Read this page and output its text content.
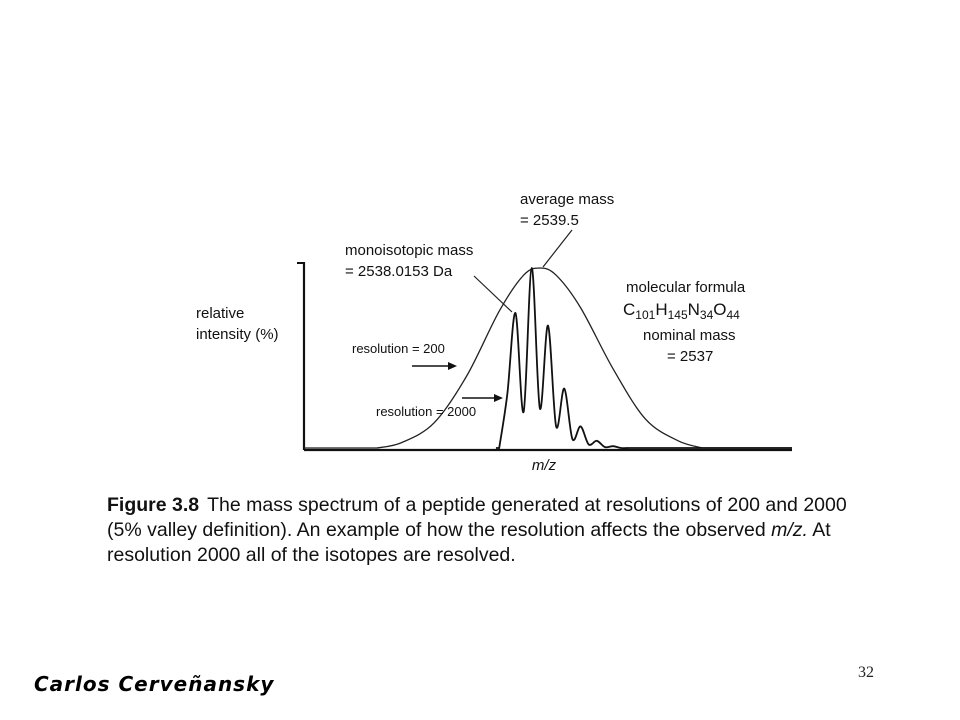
relative
intensity (%)
m/z
average mass
= 2539.5
monoisotopic mass
= 2538.0153 Da
molecular formula
$C_{101}H_{145}N_{34}O_{44}$
nominal mass
= 2537
resolution = 200
resolution = 2000
Figure 3.8 The mass spectrum of a peptide generated at resolutions of 200 and 2000 (5% valley definition). An example of how the resolution affects the observed m/z. At resolution 2000 all of the isotopes are resolved.
Carlos Cerveñansky	32
